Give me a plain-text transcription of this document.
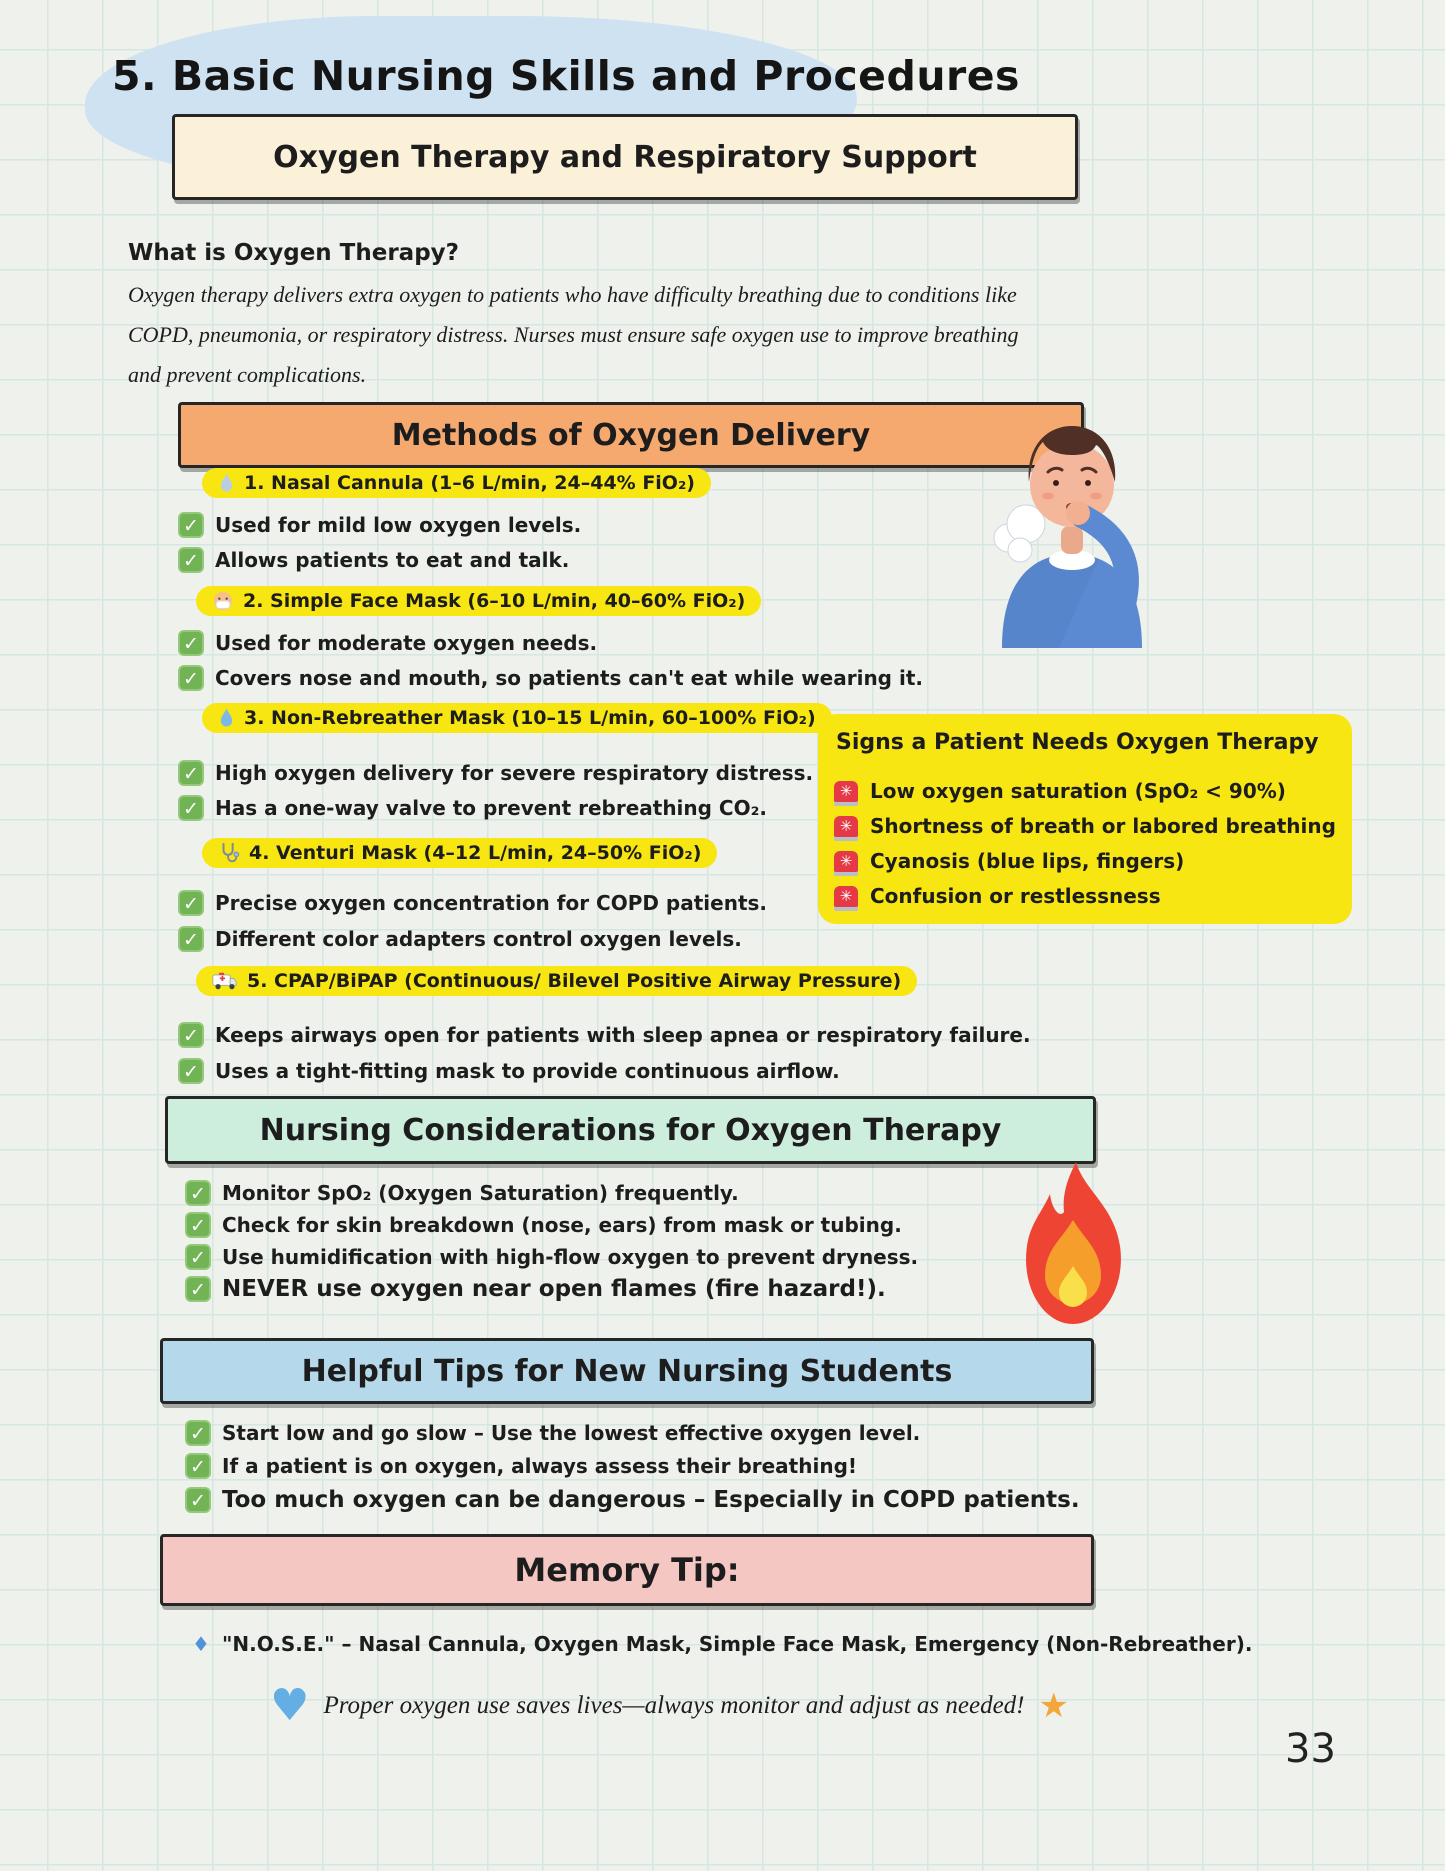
5. Basic Nursing Skills and Procedures
Oxygen Therapy and Respiratory Support
What is Oxygen Therapy?
Oxygen therapy delivers extra oxygen to patients who have difficulty breathing due to conditions like
COPD, pneumonia, or respiratory distress. Nurses must ensure safe oxygen use to improve breathing
and prevent complications.
Methods of Oxygen Delivery
1. Nasal Cannula (1–6 L/min, 24–44% FiO₂)
✓ Used for mild low oxygen levels.
✓ Allows patients to eat and talk.
2. Simple Face Mask (6–10 L/min, 40–60% FiO₂)
✓ Used for moderate oxygen needs.
✓ Covers nose and mouth, so patients can't eat while wearing it.
3. Non-Rebreather Mask (10–15 L/min, 60–100% FiO₂)
✓ High oxygen delivery for severe respiratory distress.
✓ Has a one-way valve to prevent rebreathing CO₂.
4. Venturi Mask (4–12 L/min, 24–50% FiO₂)
✓ Precise oxygen concentration for COPD patients.
✓ Different color adapters control oxygen levels.
5. CPAP/BiPAP (Continuous/ Bilevel Positive Airway Pressure)
✓ Keeps airways open for patients with sleep apnea or respiratory failure.
✓ Uses a tight-fitting mask to provide continuous airflow.
Signs a Patient Needs Oxygen Therapy
✳ Low oxygen saturation (SpO₂ < 90%)
✳ Shortness of breath or labored breathing
✳ Cyanosis (blue lips, fingers)
✳ Confusion or restlessness
Nursing Considerations for Oxygen Therapy
✓ Monitor SpO₂ (Oxygen Saturation) frequently.
✓ Check for skin breakdown (nose, ears) from mask or tubing.
✓ Use humidification with high-flow oxygen to prevent dryness.
✓ NEVER use oxygen near open flames (fire hazard!).
Helpful Tips for New Nursing Students
✓ Start low and go slow – Use the lowest effective oxygen level.
✓ If a patient is on oxygen, always assess their breathing!
✓ Too much oxygen can be dangerous – Especially in COPD patients.
Memory Tip:
♦ "N.O.S.E." – Nasal Cannula, Oxygen Mask, Simple Face Mask, Emergency (Non-Rebreather).
♥ Proper oxygen use saves lives—always monitor and adjust as needed! ★
33
